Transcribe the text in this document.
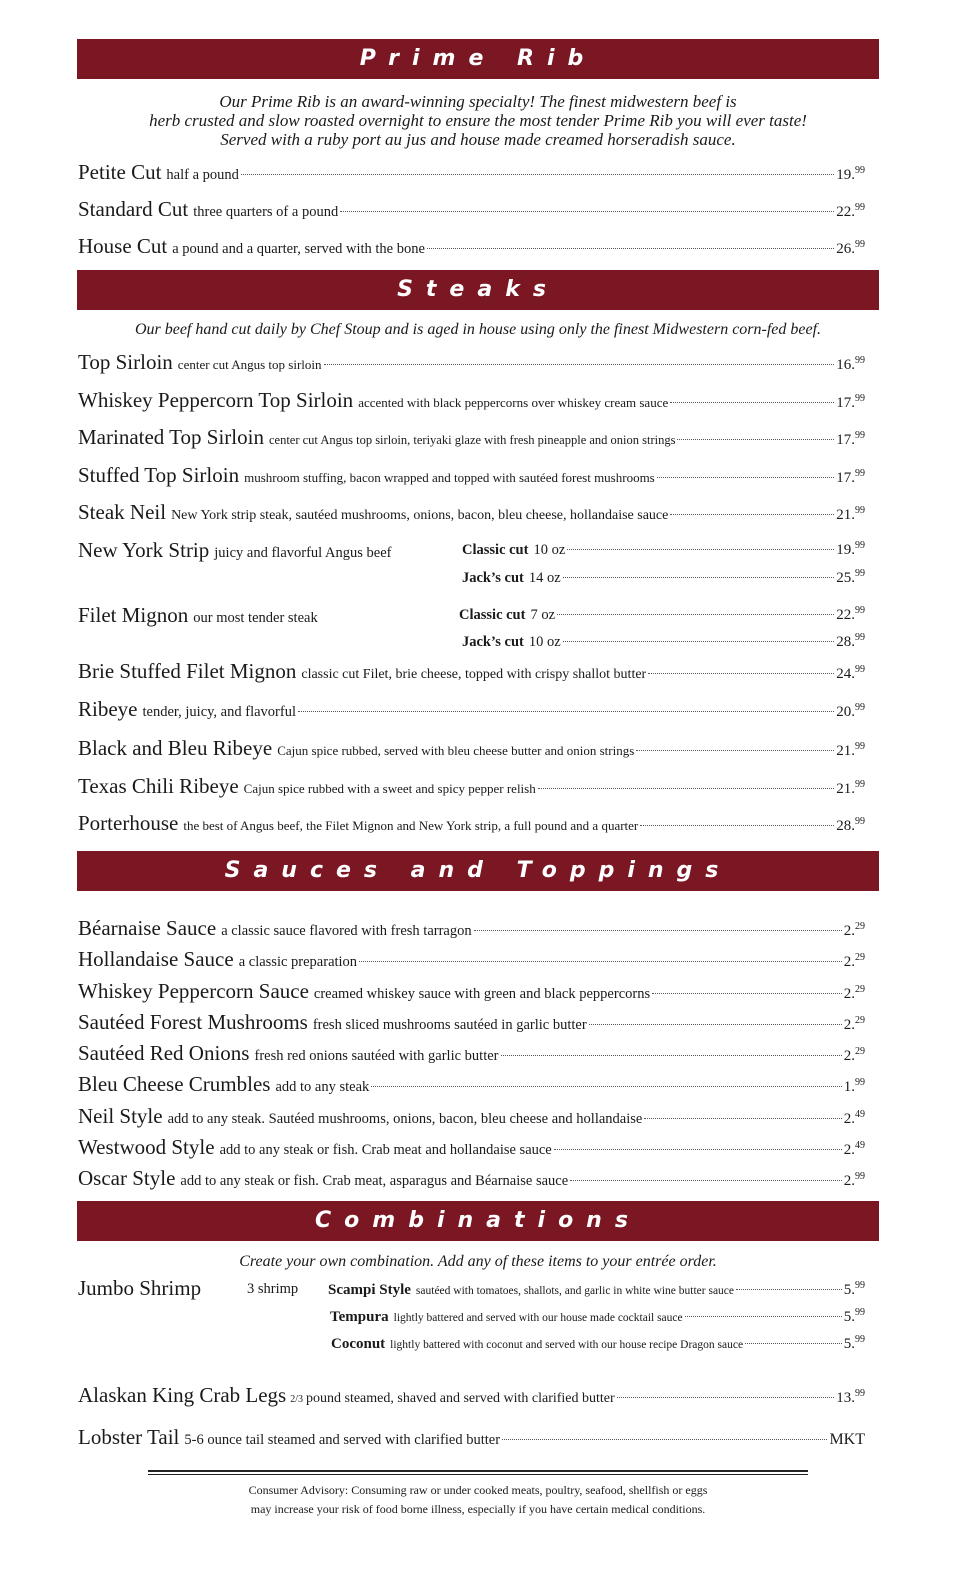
Prime Rib
Our Prime Rib is an award-winning specialty! The finest midwestern beef is
herb crusted and slow roasted overnight to ensure the most tender Prime Rib you will ever taste!
Served with a ruby port au jus and house made creamed horseradish sauce.
Petite Cut half a pound	19.99
Standard Cut three quarters of a pound	22.99
House Cut a pound and a quarter, served with the bone	26.99
Steaks
Our beef hand cut daily by Chef Stoup and is aged in house using only the finest Midwestern corn-fed beef.
Top Sirloin center cut Angus top sirloin	16.99
Whiskey Peppercorn Top Sirloin accented with black peppercorns over whiskey cream sauce	17.99
Marinated Top Sirloin center cut Angus top sirloin, teriyaki glaze with fresh pineapple and onion strings	17.99
Stuffed Top Sirloin mushroom stuffing, bacon wrapped and topped with sautéed forest mushrooms	17.99
Steak Neil New York strip steak, sautéed mushrooms, onions, bacon, bleu cheese, hollandaise sauce	21.99
New York Strip juicy and flavorful Angus beef	Classic cut 10 oz	19.99
Jack’s cut 14 oz	25.99
Filet Mignon our most tender steak	Classic cut 7 oz	22.99
Jack’s cut 10 oz	28.99
Brie Stuffed Filet Mignon classic cut Filet, brie cheese, topped with crispy shallot butter	24.99
Ribeye tender, juicy, and flavorful	20.99
Black and Bleu Ribeye Cajun spice rubbed, served with bleu cheese butter and onion strings	21.99
Texas Chili Ribeye Cajun spice rubbed with a sweet and spicy pepper relish	21.99
Porterhouse the best of Angus beef, the Filet Mignon and New York strip, a full pound and a quarter	28.99
Sauces and Toppings
Béarnaise Sauce a classic sauce flavored with fresh tarragon	2.29
Hollandaise Sauce a classic preparation	2.29
Whiskey Peppercorn Sauce creamed whiskey sauce with green and black peppercorns	2.29
Sautéed Forest Mushrooms fresh sliced mushrooms sautéed in garlic butter	2.29
Sautéed Red Onions fresh red onions sautéed with garlic butter	2.29
Bleu Cheese Crumbles add to any steak	1.99
Neil Style add to any steak. Sautéed mushrooms, onions, bacon, bleu cheese and hollandaise	2.49
Westwood Style add to any steak or fish. Crab meat and hollandaise sauce	2.49
Oscar Style add to any steak or fish. Crab meat, asparagus and Béarnaise sauce	2.99
Combinations
Create your own combination. Add any of these items to your entrée order.
Jumbo Shrimp	3 shrimp Scampi Style sautéed with tomatoes, shallots, and garlic in white wine butter sauce	5.99
Tempura lightly battered and served with our house made cocktail sauce	5.99
Coconut lightly battered with coconut and served with our house recipe Dragon sauce	5.99
Alaskan King Crab Legs 2/3 pound steamed, shaved and served with clarified butter	13.99
Lobster Tail 5-6 ounce tail steamed and served with clarified butter	MKT
Consumer Advisory: Consuming raw or under cooked meats, poultry, seafood, shellfish or eggs
may increase your risk of food borne illness, especially if you have certain medical conditions.
